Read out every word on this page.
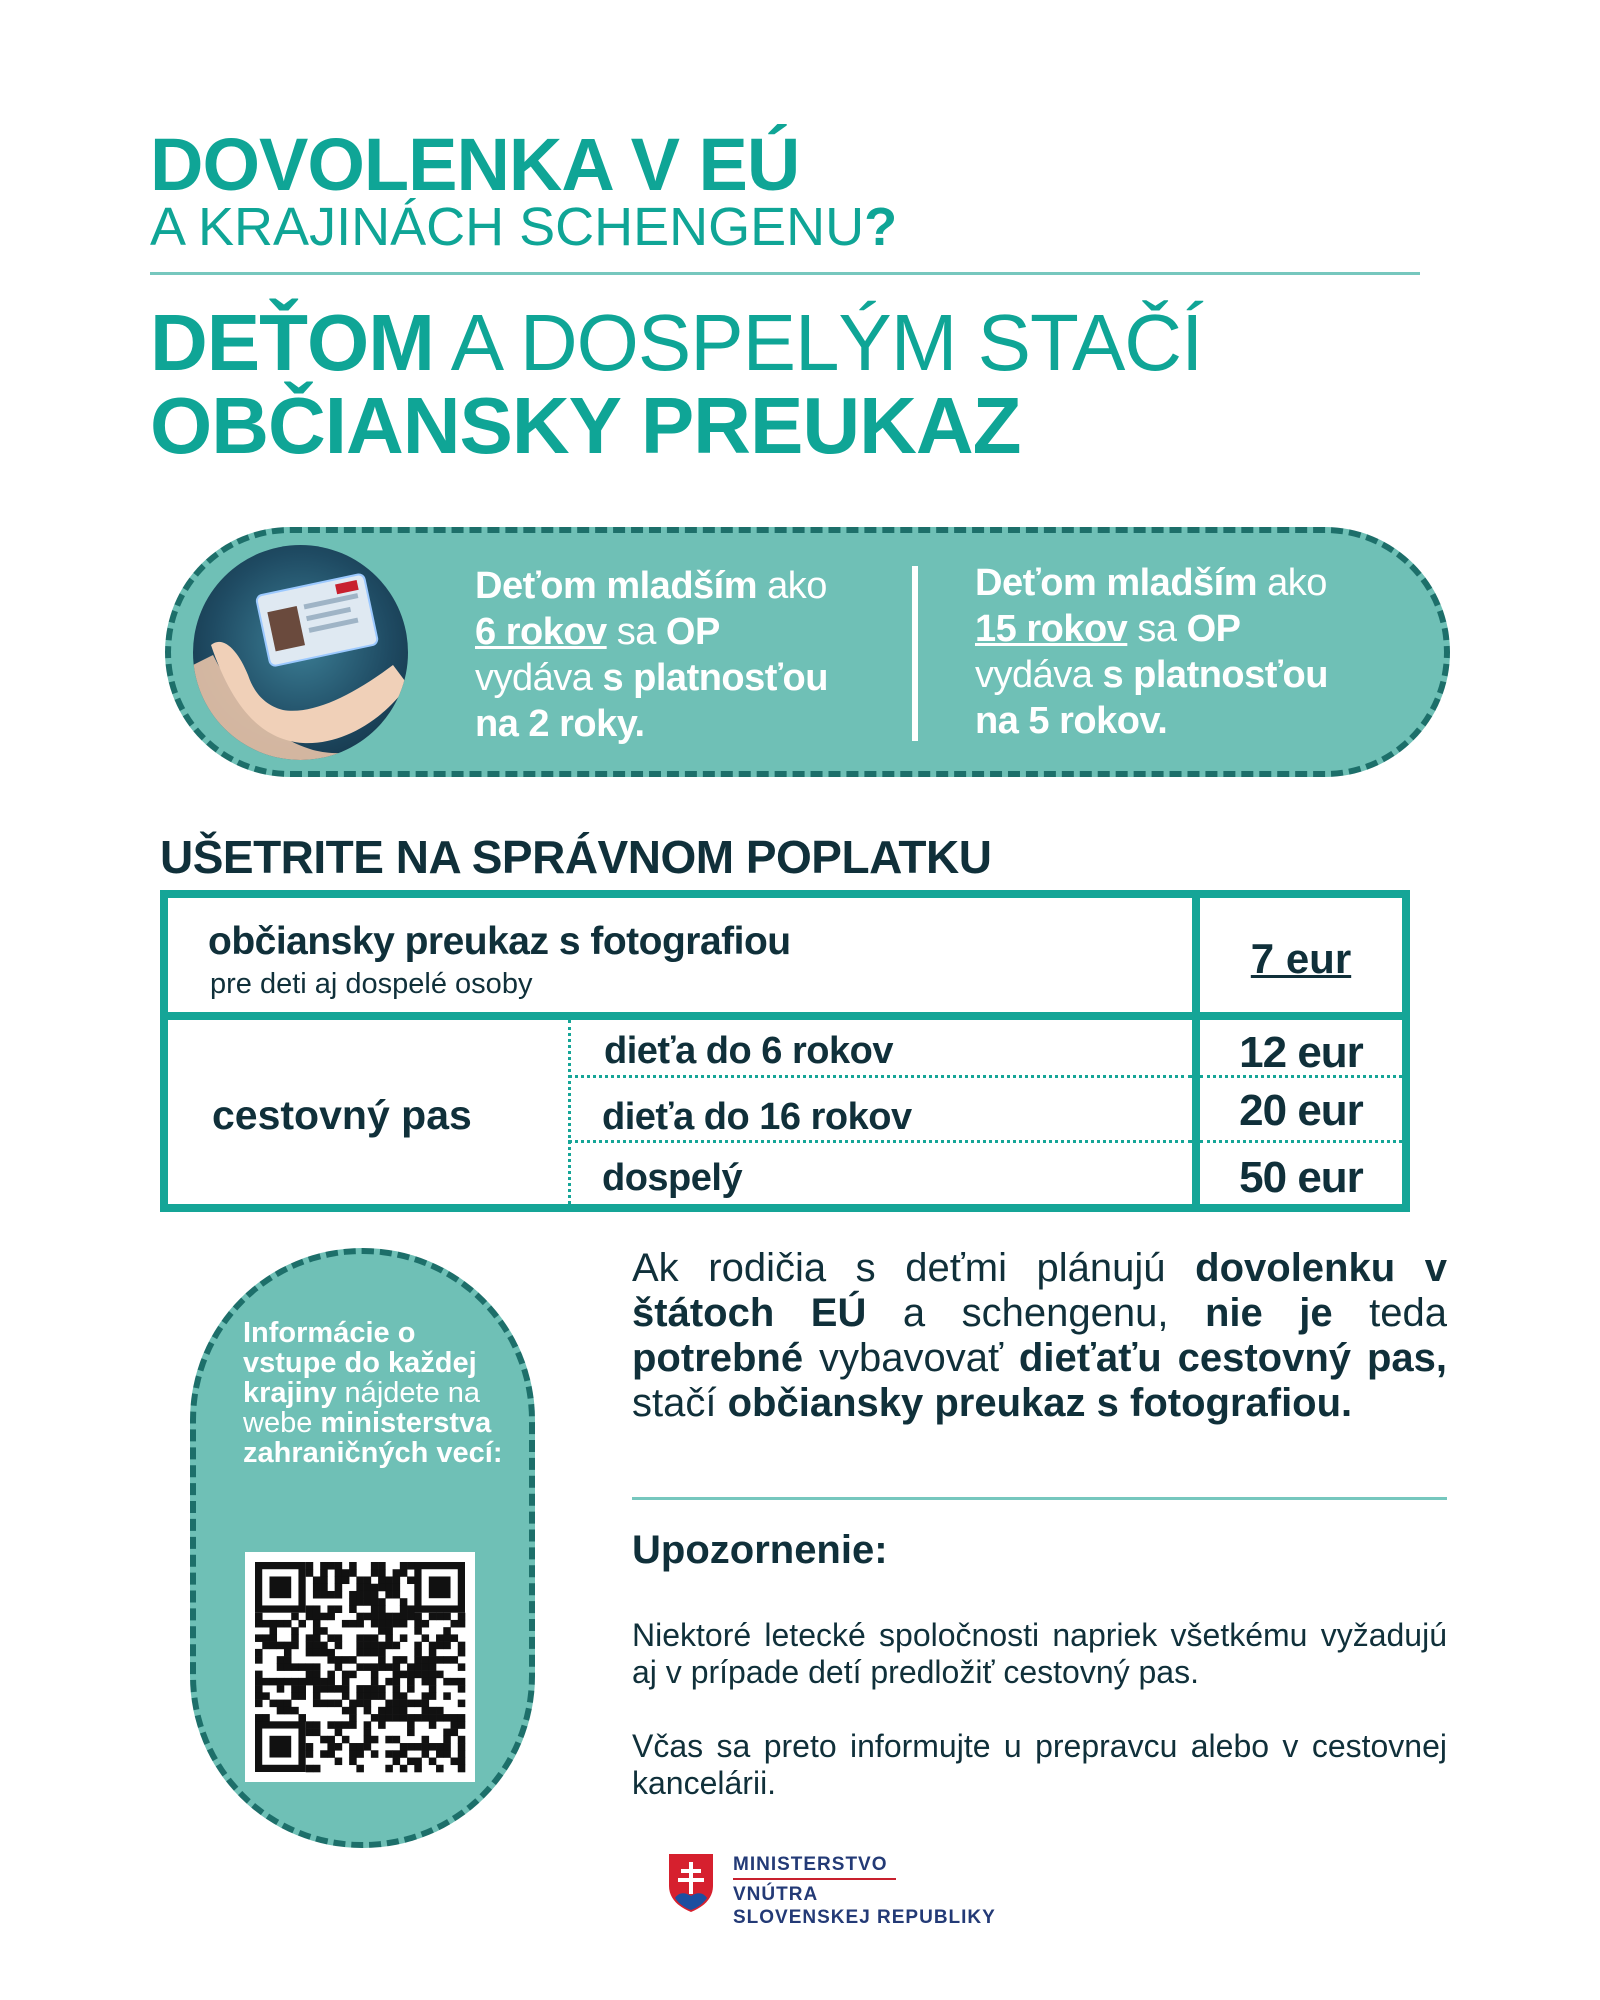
DOVOLENKA V EÚ
A KRAJINÁCH SCHENGENU?
DEŤOM A DOSPELÝM STAČÍ
OBČIANSKY PREUKAZ
Deťom mladším ako
6 rokov sa OP
vydáva s platnosťou
na 2 roky.
Deťom mladším ako
15 rokov sa OP
vydáva s platnosťou
na 5 rokov.
UŠETRITE NA SPRÁVNOM POPLATKU
občiansky preukaz s fotografiou
pre deti aj dospelé osoby
7 eur
cestovný pas
dieťa do 6 rokov
dieťa do 16 rokov
dospelý
12 eur
20 eur
50 eur
Informácie o vstupe do každej krajiny nájdete na webe ministerstva zahraničných vecí:
Ak rodičia s deťmi plánujú dovolenku v štátoch EÚ a schengenu, nie je teda potrebné vybavovať dieťaťu cestovný pas, stačí občiansky preukaz s fotografiou.
Upozornenie:
Niektoré letecké spoločnosti napriek všetkému vyžadujú aj v prípade detí predložiť cestovný pas.
Včas sa preto informujte u prepravcu alebo v cestovnej kancelárii.
MINISTERSTVO
VNÚTRA
SLOVENSKEJ REPUBLIKY
